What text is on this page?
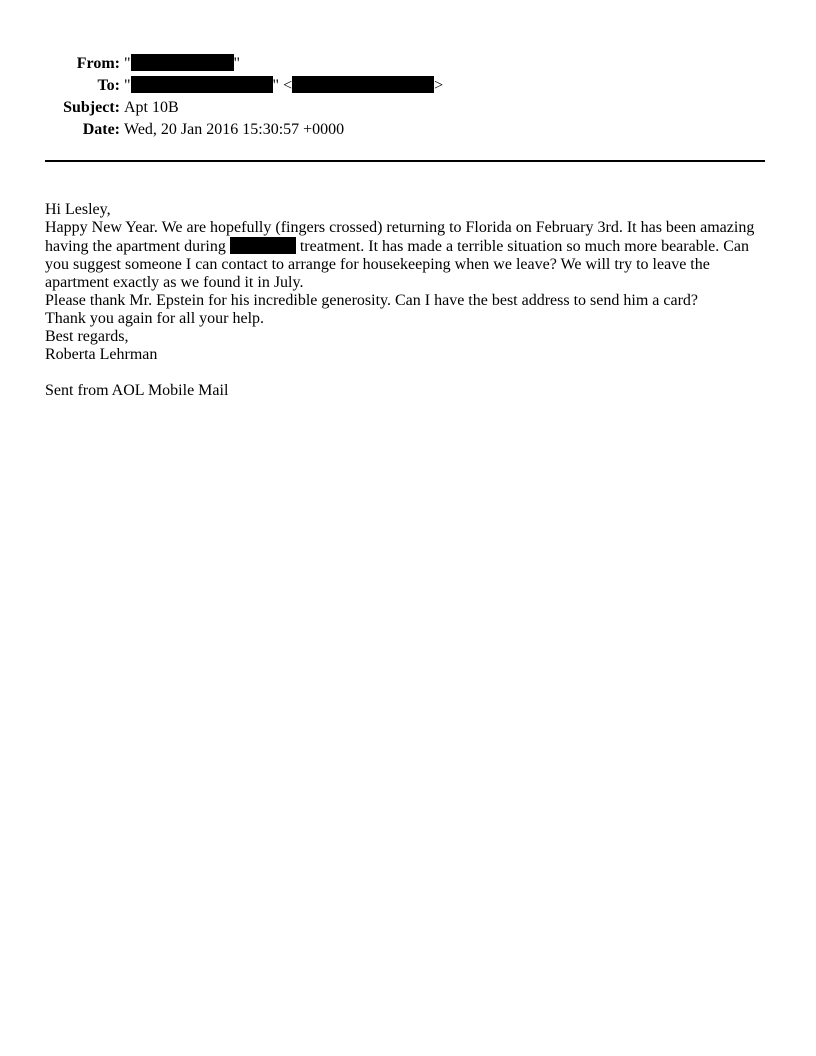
From: "	"
To: "	" <	>
Subject: Apt 10B
Date: Wed, 20 Jan 2016 15:30:57 +0000

Hi Lesley,

Happy New Year. We are hopefully (fingers crossed) returning to Florida on February 3rd. It has been amazing having the apartment during	treatment. It has made a terrible situation so much more bearable. Can you suggest someone I can contact to arrange for housekeeping when we leave? We will try to leave the apartment exactly as we found it in July.

Please thank Mr. Epstein for his incredible generosity. Can I have the best address to send him a card?

Thank you again for all your help.

Best regards,

Roberta Lehrman

Sent from AOL Mobile Mail
